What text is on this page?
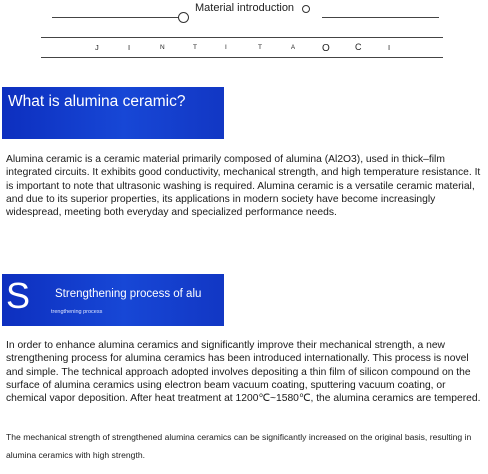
Material introduction
J	I	N	T	I	T	A	O	C	I
What is alumina ceramic?
Alumina ceramic is a ceramic material primarily composed of alumina (Al2O3), used in thick–film integrated circuits. It exhibits good conductivity, mechanical strength, and high temperature resistance. It is important to note that ultrasonic washing is required. Alumina ceramic is a versatile ceramic material, and due to its superior properties, its applications in modern society have become increasingly widespread, meeting both everyday and specialized performance needs.
S Strengthening process of alu
trengthening process
In order to enhance alumina ceramics and significantly improve their mechanical strength, a new strengthening process for alumina ceramics has been introduced internationally. This process is novel and simple. The technical approach adopted involves depositing a thin film of silicon compound on the surface of alumina ceramics using electron beam vacuum coating, sputtering vacuum coating, or chemical vapor deposition. After heat treatment at 1200℃~1580℃, the alumina ceramics are tempered.
The mechanical strength of strengthened alumina ceramics can be significantly increased on the original basis, resulting in alumina ceramics with high strength.
